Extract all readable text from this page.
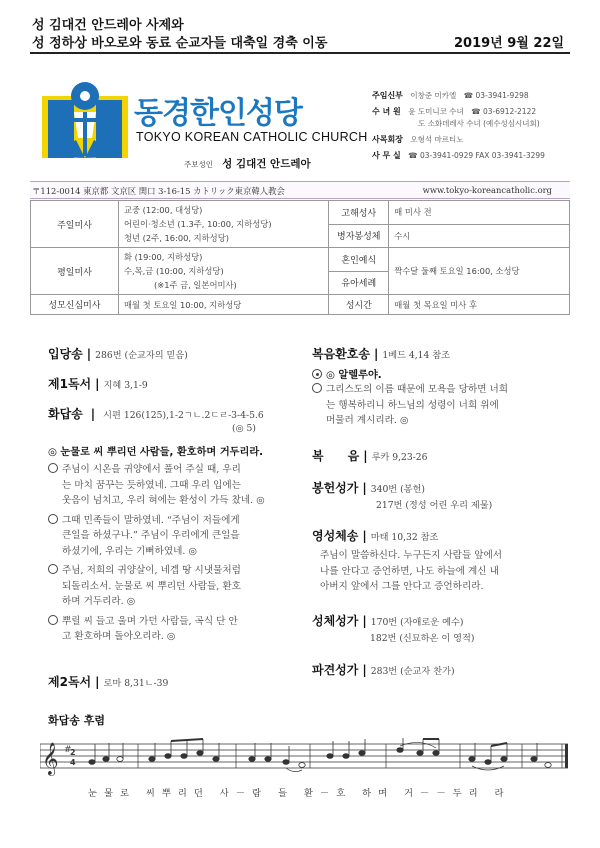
성 김대건 안드레아 사제와
성 정하상 바오로와 동료 순교자들 대축일 경축 이동	2019년 9월 22일
동경한인성당
TOKYO KOREAN CATHOLIC CHURCH
주보성인 성 김대건 안드레아
주임신부　 이창준 미카엘　 ☎ 03-3941-9298
수 녀 원　 윤 도미니코 수녀　 ☎ 03-6912-2122
도 소화데레사 수녀 (예수성심시녀회)
사목회장　 오형석 마르티노
사 무 실　 ☎ 03-3941-0929 FAX 03-3941-3299
〒112-0014 東京都 文京区 関口 3-16-15 カトリック東京韓人教会	www.tokyo-koreancatholic.org
주일미사	교중 (12:00, 대성당)
어린이·청소년 (1.3주, 10:00, 지하성당)
청년 (2주, 16:00, 지하성당)	고해성사	매 미사 전
		병자봉성체	수시
평일미사	화 (19:00, 지하성당)
수,목,금 (10:00, 지하성당)
(※1주 금, 일본어미사)	혼인예식	짝수달 둘째 토요일 16:00, 소성당
		유아세례	
성모신심미사	매월 첫 토요일 10:00, 지하성당	성시간	매월 첫 목요일 미사 후
입당송 | 286번 (순교자의 믿음)
제1독서 | 지혜 3,1-9
화답송 | 시편 126(125),1-2ㄱㄴ.2ㄷㄹ-3-4-5.6
(◎ 5)
◎ 눈물로 씨 뿌리던 사람들, 환호하며 거두리라.
주님이 시온을 귀양에서 풀어 주실 때, 우리
는 마치 꿈꾸는 듯하였네. 그때 우리 입에는
웃음이 넘치고, 우리 혀에는 환성이 가득 찼네. ◎
그때 민족들이 말하였네. “주님이 저들에게
큰일을 하셨구나.” 주님이 우리에게 큰일을
하셨기에, 우리는 기뻐하였네. ◎
주님, 저희의 귀양살이, 네겝 땅 시냇물처럼
되돌리소서. 눈물로 씨 뿌리던 사람들, 환호
하며 거두리라. ◎
뿌릴 씨 들고 울며 가던 사람들, 곡식 단 안
고 환호하며 돌아오리라. ◎
제2독서 | 로마 8,31ㄴ-39
복음환호송 | 1베드 4,14 참조
◎ 알렐루야.
그리스도의 이름 때문에 모욕을 당하면 너희
는 행복하리니 하느님의 성령이 너희 위에
머물러 계시리라. ◎
복　　음 | 루카 9,23-26
봉헌성가 | 340번 (봉헌)
217번 (정성 어린 우리 제물)
영성체송 | 마태 10,32 참조
주님이 말씀하신다. 누구든지 사람들 앞에서
나를 안다고 증언하면, 나도 하늘에 계신 내
아버지 앞에서 그를 안다고 증언하리라.
성체성가 | 170번 (자애로운 예수)
182번 (신묘하온 이 영적)
파견성가 | 283번 (순교자 찬가)
화답송 후렴
𝄞 #
2
4
눈물로 씨뿌리던 사－람 들 환－호 하며 거－－두리 라
